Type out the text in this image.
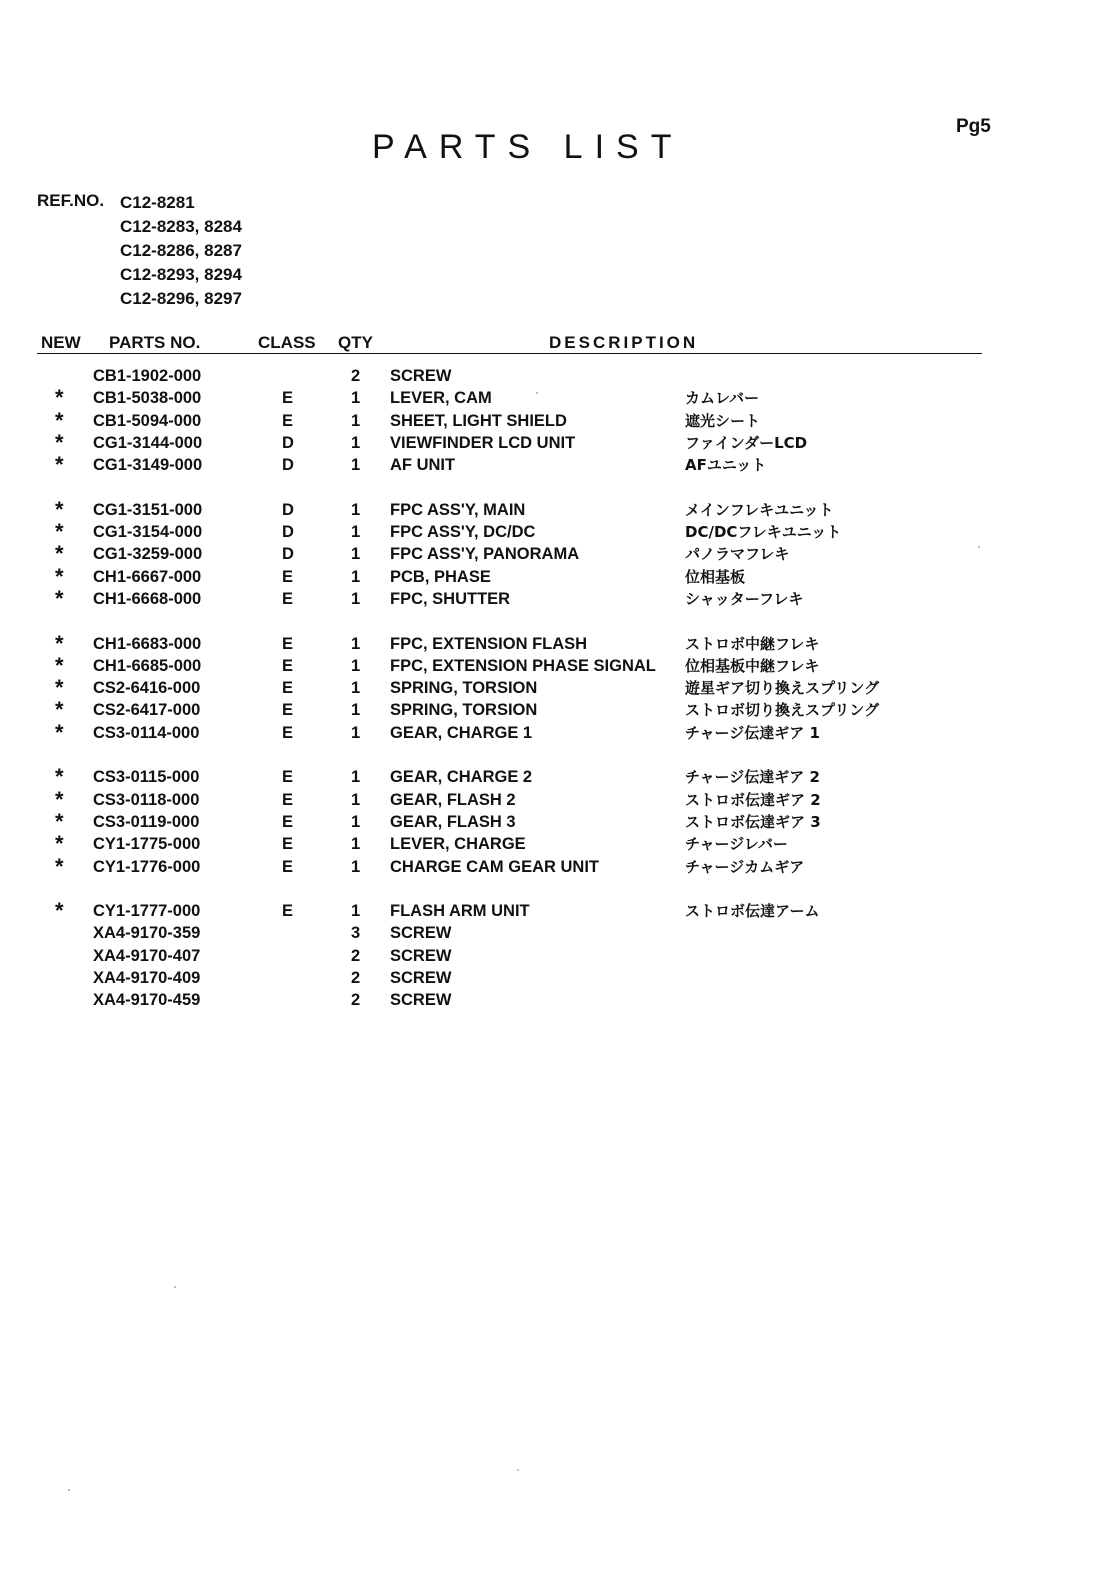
Pg5
PARTS LIST
REF.NO. C12-8281
C12-8283, 8284
C12-8286, 8287
C12-8293, 8294
C12-8296, 8297
NEW PARTS NO.	CLASS QTY	DESCRIPTION
CB1-1902-000	2 SCREW
* CB1-5038-000	E	1 LEVER, CAM	カムレバー
* CB1-5094-000	E	1 SHEET, LIGHT SHIELD	遮光シート
* CG1-3144-000	D	1 VIEWFINDER LCD UNIT	ファインダーLCD
* CG1-3149-000	D	1 AF UNIT	AFユニット
* CG1-3151-000	D	1 FPC ASS'Y, MAIN	メインフレキユニット
* CG1-3154-000	D	1 FPC ASS'Y, DC/DC	DC/DCフレキユニット
* CG1-3259-000	D	1 FPC ASS'Y, PANORAMA	パノラマフレキ
* CH1-6667-000	E	1 PCB, PHASE	位相基板
* CH1-6668-000	E	1 FPC, SHUTTER	シャッターフレキ
* CH1-6683-000	E	1 FPC, EXTENSION FLASH	ストロボ中継フレキ
* CH1-6685-000	E	1 FPC, EXTENSION PHASE SIGNAL 位相基板中継フレキ
* CS2-6416-000	E	1 SPRING, TORSION	遊星ギア切り換えスプリング
* CS2-6417-000	E	1 SPRING, TORSION	ストロボ切り換えスプリング
* CS3-0114-000	E	1 GEAR, CHARGE 1	チャージ伝達ギア 1
* CS3-0115-000	E	1 GEAR, CHARGE 2	チャージ伝達ギア 2
* CS3-0118-000	E	1 GEAR, FLASH 2	ストロボ伝達ギア 2
* CS3-0119-000	E	1 GEAR, FLASH 3	ストロボ伝達ギア 3
* CY1-1775-000	E	1 LEVER, CHARGE	チャージレバー
* CY1-1776-000	E	1 CHARGE CAM GEAR UNIT	チャージカムギア
* CY1-1777-000	E	1 FLASH ARM UNIT	ストロボ伝達アーム
XA4-9170-359	3 SCREW
XA4-9170-407	2 SCREW
XA4-9170-409	2 SCREW
XA4-9170-459	2 SCREW
